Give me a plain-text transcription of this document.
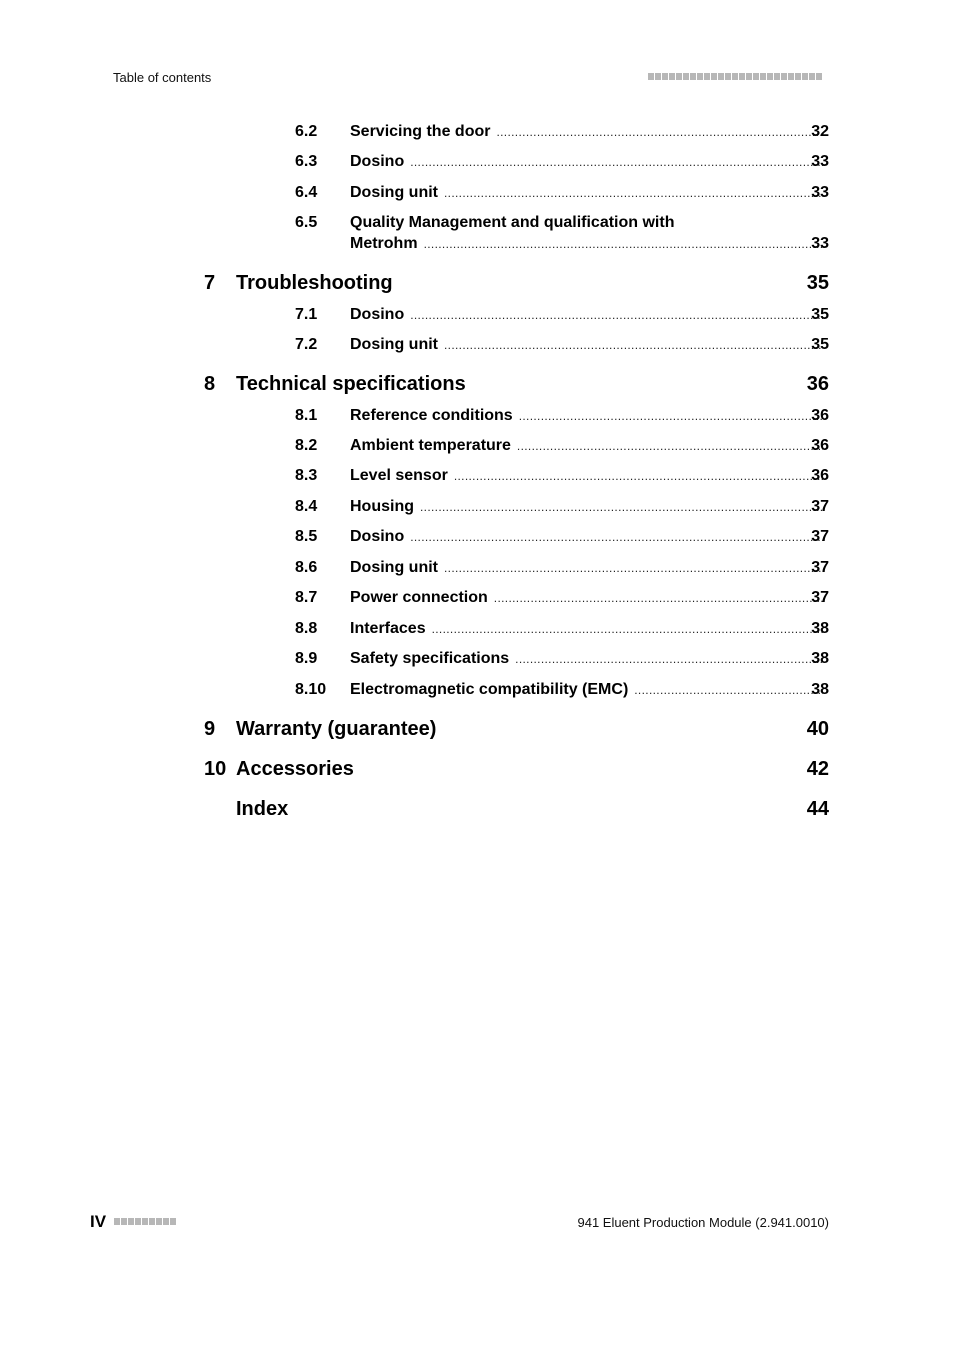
Table of contents
6.2 Servicing the door . . .	32
6.3 Dosino . . .	33
6.4 Dosing unit . . .	33
6.5 Quality Management and qualification with
Metrohm . . .	33
7 Troubleshooting	35
7.1 Dosino . . .	35
7.2 Dosing unit . . .	35
8 Technical specifications	36
8.1 Reference conditions . . .	36
8.2 Ambient temperature . . .	36
8.3 Level sensor . . .	36
8.4 Housing . . .	37
8.5 Dosino . . .	37
8.6 Dosing unit . . .	37
8.7 Power connection . . .	37
8.8 Interfaces . . .	38
8.9 Safety specifications . . .	38
8.10 Electromagnetic compatibility (EMC) . . .	38
9 Warranty (guarantee)	40
10 Accessories	42
Index	44
IV	941 Eluent Production Module (2.941.0010)
